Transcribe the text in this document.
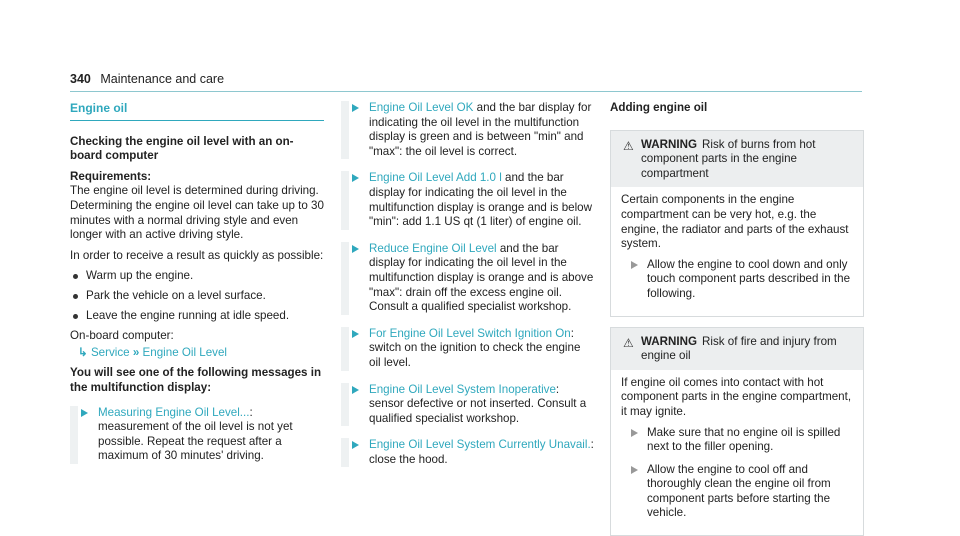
340 Maintenance and care
Engine oil
Checking the engine oil level with an on-board computer
Requirements:

The engine oil level is determined during driving. Determining the engine oil level can take up to 30 minutes with a normal driving style and even longer with an active driving style.

In order to receive a result as quickly as possible:

Warm up the engine.
Park the vehicle on a level surface.
Leave the engine running at idle speed.
On-board computer:
↳ Service » Engine Oil Level
You will see one of the following messages in the multifunction display:
Measuring Engine Oil Level...: measurement of the oil level is not yet possible. Repeat the request after a maximum of 30 minutes' driving.
Engine Oil Level OK and the bar display for indicating the oil level in the multifunction display is green and is between "min" and "max": the oil level is correct.
Engine Oil Level Add 1.0 l and the bar display for indicating the oil level in the multifunction display is orange and is below "min": add 1.1 US qt (1 liter) of engine oil.
Reduce Engine Oil Level and the bar display for indicating the oil level in the multifunction display is orange and is above "max": drain off the excess engine oil. Consult a qualified specialist workshop.
For Engine Oil Level Switch Ignition On: switch on the ignition to check the engine oil level.
Engine Oil Level System Inoperative: sensor defective or not inserted. Consult a qualified specialist workshop.
Engine Oil Level System Currently Unavail.: close the hood.
Adding engine oil
⚠ WARNING Risk of burns from hot component parts in the engine compartment
Certain components in the engine compartment can be very hot, e.g. the engine, the radiator and parts of the exhaust system.
Allow the engine to cool down and only touch component parts described in the following.
⚠ WARNING Risk of fire and injury from engine oil
If engine oil comes into contact with hot component parts in the engine compartment, it may ignite.
Make sure that no engine oil is spilled next to the filler opening.
Allow the engine to cool off and thoroughly clean the engine oil from component parts before starting the vehicle.
